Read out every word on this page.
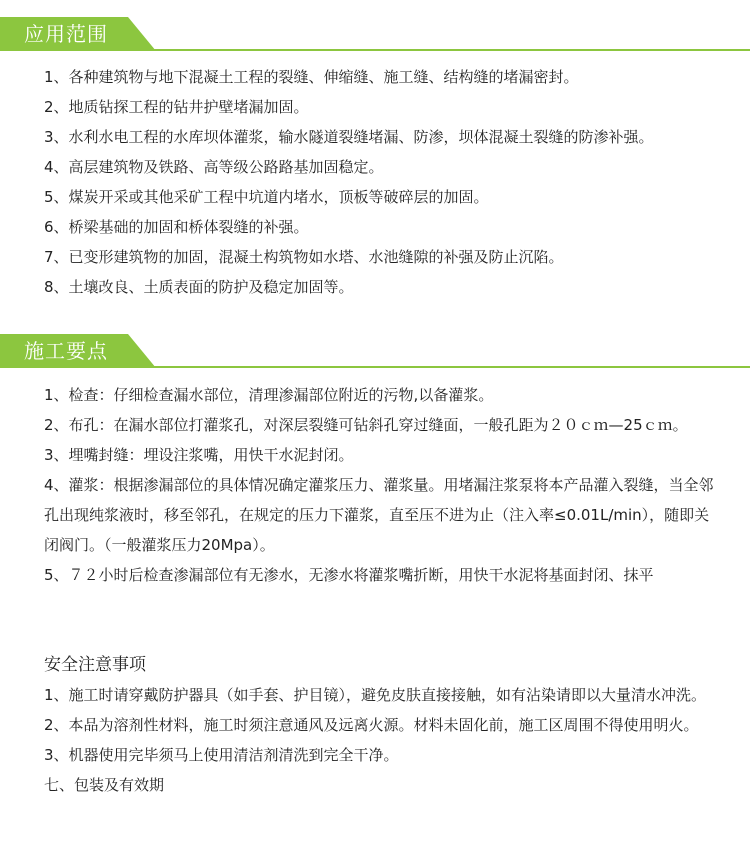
应用范围

1、各种建筑物与地下混凝土工程的裂缝、伸缩缝、施工缝、结构缝的堵漏密封。

2、地质钻探工程的钻井护壁堵漏加固。

3、水利水电工程的水库坝体灌浆，输水隧道裂缝堵漏、防渗，坝体混凝土裂缝的防渗补强。

4、高层建筑物及铁路、高等级公路路基加固稳定。

5、煤炭开采或其他采矿工程中坑道内堵水，顶板等破碎层的加固。

6、桥梁基础的加固和桥体裂缝的补强。

7、已变形建筑物的加固，混凝土构筑物如水塔、水池缝隙的补强及防止沉陷。

8、土壤改良、土质表面的防护及稳定加固等。

施工要点

1、检查：仔细检查漏水部位，清理渗漏部位附近的污物,以备灌浆。

2、布孔：在漏水部位打灌浆孔，对深层裂缝可钻斜孔穿过缝面，一般孔距为２０ｃｍ—25ｃｍ。

3、埋嘴封缝：埋设注浆嘴，用快干水泥封闭。

4、灌浆：根据渗漏部位的具体情况确定灌浆压力、灌浆量。用堵漏注浆泵将本产品灌入裂缝，当全邻孔出现纯浆液时，移至邻孔，在规定的压力下灌浆，直至压不进为止（注入率≤0.01L/min），随即关闭阀门。（一般灌浆压力20Mpa）。

5、７２小时后检查渗漏部位有无渗水，无渗水将灌浆嘴折断，用快干水泥将基面封闭、抹平

安全注意事项

1、施工时请穿戴防护器具（如手套、护目镜），避免皮肤直接接触，如有沾染请即以大量清水冲洗。

2、本品为溶剂性材料，施工时须注意通风及远离火源。材料未固化前，施工区周围不得使用明火。

3、机器使用完毕须马上使用清洁剂清洗到完全干净。

七、包装及有效期
